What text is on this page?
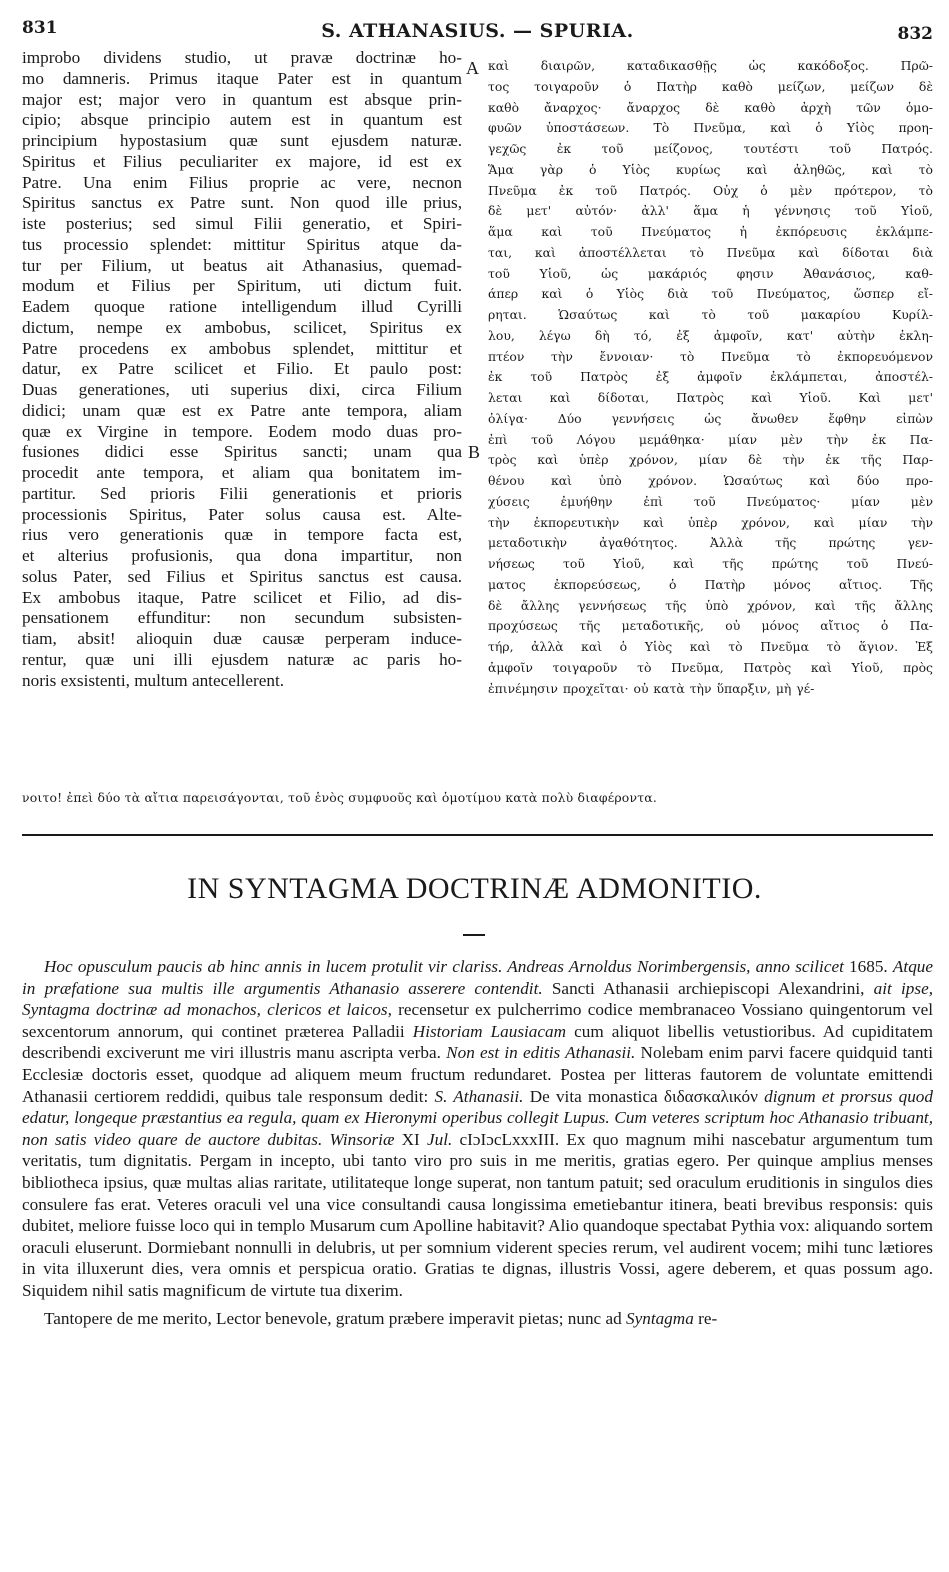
831	S. ATHANASIUS. — SPURIA.	832
improbo dividens studio, ut pravæ doctrinæ ho-
mo damneris. Primus itaque Pater est in quantum
major est; major vero in quantum est absque prin-
cipio; absque principio autem est in quantum est
principium hypostasium quæ sunt ejusdem naturæ.
Spiritus et Filius peculiariter ex majore, id est ex
Patre. Una enim Filius proprie ac vere, necnon
Spiritus sanctus ex Patre sunt. Non quod ille prius,
iste posterius; sed simul Filii generatio, et Spiri-
tus processio splendet: mittitur Spiritus atque da-
tur per Filium, ut beatus ait Athanasius, quemad-
modum et Filius per Spiritum, uti dictum fuit.
Eadem quoque ratione intelligendum illud Cyrilli
dictum, nempe ex ambobus, scilicet, Spiritus ex
Patre procedens ex ambobus splendet, mittitur et
datur, ex Patre scilicet et Filio. Et paulo post:
Duas generationes, uti superius dixi, circa Filium
didici; unam quæ est ex Patre ante tempora, aliam
quæ ex Virgine in tempore. Eodem modo duas pro-
fusiones didici esse Spiritus sancti; unam qua
procedit ante tempora, et aliam qua bonitatem im-
partitur. Sed prioris Filii generationis et prioris
processionis Spiritus, Pater solus causa est. Alte-
rius vero generationis quæ in tempore facta est,
et alterius profusionis, qua dona impartitur, non
solus Pater, sed Filius et Spiritus sanctus est causa.
Ex ambobus itaque, Patre scilicet et Filio, ad dis-
pensationem effunditur: non secundum subsisten-
tiam, absit! alioquin duæ causæ perperam induce-
rentur, quæ uni illi ejusdem naturæ ac paris ho-
noris exsistenti, multum antecellerent.
A
B
καὶ διαιρῶν, καταδικασθῇς ὡς κακόδοξος. Πρῶ-
τος τοιγαροῦν ὁ Πατὴρ καθὸ μείζων, μείζων δὲ
καθὸ ἄναρχος· ἄναρχος δὲ καθὸ ἀρχὴ τῶν ὁμο-
φυῶν ὑποστάσεων. Τὸ Πνεῦμα, καὶ ὁ Υἱὸς προη-
γεχῶς ἐκ τοῦ μείζονος, τουτέστι τοῦ Πατρός.
Ἅμα γὰρ ὁ Υἱὸς κυρίως καὶ ἀληθῶς, καὶ τὸ
Πνεῦμα ἐκ τοῦ Πατρός. Οὐχ ὁ μὲν πρότερον, τὸ
δὲ μετ' αὐτόν· ἀλλ' ἅμα ἡ γέννησις τοῦ Υἱοῦ,
ἅμα καὶ τοῦ Πνεύματος ἡ ἐκπόρευσις ἐκλάμπε-
ται, καὶ ἀποστέλλεται τὸ Πνεῦμα καὶ δίδοται διὰ
τοῦ Υἱοῦ, ὡς μακάριός φησιν Ἀθανάσιος, καθ-
άπερ καὶ ὁ Υἱὸς διὰ τοῦ Πνεύματος, ὥσπερ εἴ-
ρηται. Ὡσαύτως καὶ τὸ τοῦ μακαρίου Κυρίλ-
λου, λέγω δὴ τό, ἐξ ἀμφοῖν, κατ' αὐτὴν ἐκλη-
πτέον τὴν ἔννοιαν· τὸ Πνεῦμα τὸ ἐκπορευόμενον
ἐκ τοῦ Πατρὸς ἐξ ἀμφοῖν ἐκλάμπεται, ἀποστέλ-
λεται καὶ δίδοται, Πατρὸς καὶ Υἱοῦ. Καὶ μετ'
ὀλίγα· Δύο γεννήσεις ὡς ἄνωθεν ἔφθην εἰπὼν
ἐπὶ τοῦ Λόγου μεμάθηκα· μίαν μὲν τὴν ἐκ Πα-
τρὸς καὶ ὑπὲρ χρόνον, μίαν δὲ τὴν ἐκ τῆς Παρ-
θένου καὶ ὑπὸ χρόνον. Ὡσαύτως καὶ δύο προ-
χύσεις ἐμυήθην ἐπὶ τοῦ Πνεύματος· μίαν μὲν
τὴν ἐκπορευτικὴν καὶ ὑπὲρ χρόνον, καὶ μίαν τὴν
μεταδοτικὴν ἀγαθότητος. Ἀλλὰ τῆς πρώτης γεν-
νήσεως τοῦ Υἱοῦ, καὶ τῆς πρώτης τοῦ Πνεύ-
ματος ἐκπορεύσεως, ὁ Πατὴρ μόνος αἴτιος. Τῆς
δὲ ἄλλης γεννήσεως τῆς ὑπὸ χρόνον, καὶ τῆς ἄλλης
προχύσεως τῆς μεταδοτικῆς, οὐ μόνος αἴτιος ὁ Πα-
τήρ, ἀλλὰ καὶ ὁ Υἱὸς καὶ τὸ Πνεῦμα τὸ ἅγιον. Ἐξ
ἀμφοῖν τοιγαροῦν τὸ Πνεῦμα, Πατρὸς καὶ Υἱοῦ, πρὸς
ἐπινέμησιν προχεῖται· οὐ κατὰ τὴν ὕπαρξιν, μὴ γέ-
νοιτο! ἐπεὶ δύο τὰ αἴτια παρεισάγονται, τοῦ ἑνὸς συμφυοῦς καὶ ὁμοτίμου κατὰ πολὺ διαφέροντα.
IN SYNTAGMA DOCTRINÆ ADMONITIO.

Hoc opusculum paucis ab hinc annis in lucem protulit vir clariss. Andreas Arnoldus Norimbergensis, anno scilicet 1685. Atque in præfatione sua multis ille argumentis Athanasio asserere contendit. Sancti Athanasii archiepiscopi Alexandrini, ait ipse, Syntagma doctrinæ ad monachos, clericos et laicos, recensetur ex pulcherrimo codice membranaceo Vossiano quingentorum vel sexcentorum annorum, qui continet præterea Palladii Historiam Lausiacam cum aliquot libellis vetustioribus. Ad cupiditatem describendi exciverunt me viri illustris manu ascripta verba. Non est in editis Athanasii. Nolebam enim parvi facere quidquid tanti Ecclesiæ doctoris esset, quodque ad aliquem meum fructum redundaret. Postea per litteras fautorem de voluntate emittendi Athanasii certiorem reddidi, quibus tale responsum dedit: S. Athanasii. De vita monastica διδασκαλικόν dignum et prorsus quod edatur, longeque præstantius ea regula, quam ex Hieronymi operibus collegit Lupus. Cum veteres scriptum hoc Athanasio tribuant, non satis video quare de auctore dubitas. Winsoriæ XI Jul. cIɔIɔcLxxxIII. Ex quo magnum mihi nascebatur argumentum tum veritatis, tum dignitatis. Pergam in incepto, ubi tanto viro pro suis in me meritis, gratias egero. Per quinque amplius menses bibliotheca ipsius, quæ multas alias raritate, utilitateque longe superat, non tantum patuit; sed oraculum eruditionis in singulos dies consulere fas erat. Veteres oraculi vel una vice consultandi causa longissima emetiebantur itinera, beati brevibus responsis: quis dubitet, meliore fuisse loco qui in templo Musarum cum Apolline habitavit? Alio quandoque spectabat Pythia vox: aliquando sortem oraculi eluserunt. Dormiebant nonnulli in delubris, ut per somnium viderent species rerum, vel audirent vocem; mihi tunc lætiores in vita illuxerunt dies, vera omnis et perspicua oratio. Gratias te dignas, illustris Vossi, agere deberem, et quas possum ago. Siquidem nihil satis magnificum de virtute tua dixerim.

Tantopere de me merito, Lector benevole, gratum præbere imperavit pietas; nunc ad Syntagma re-
